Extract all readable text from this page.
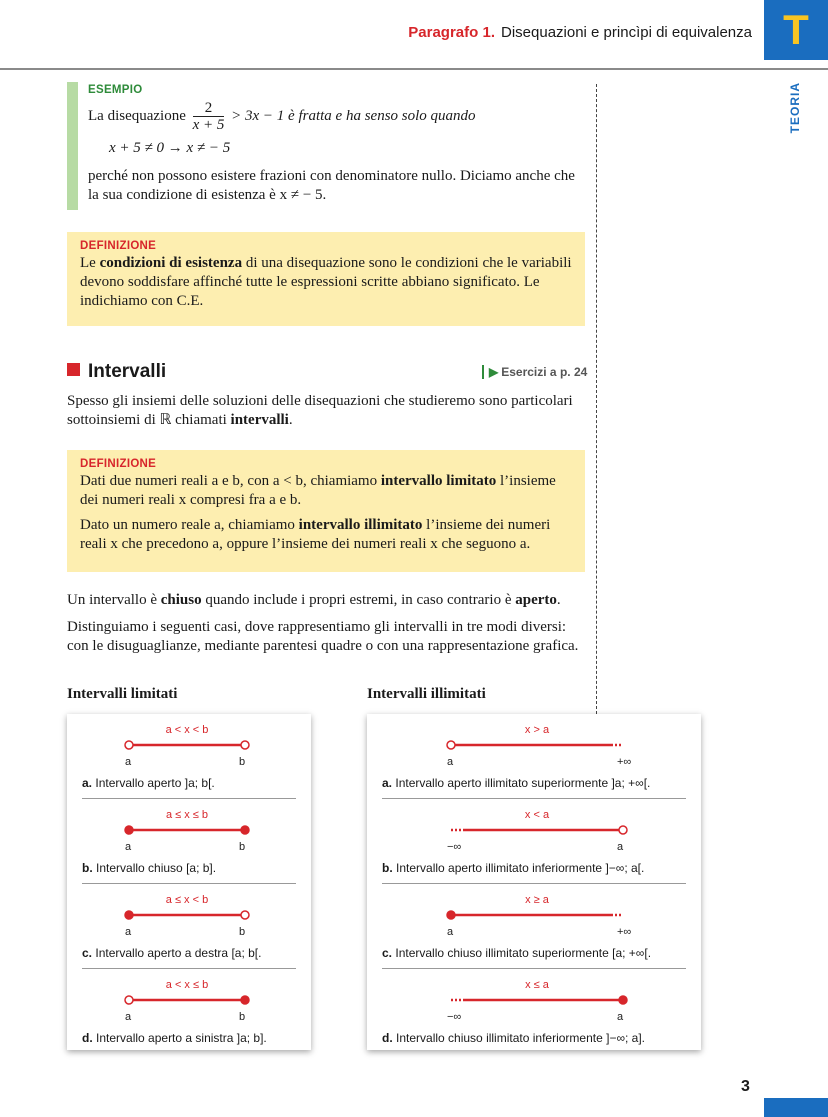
Paragrafo 1. Disequazioni e princìpi di equivalenza T
TEORIA
ESEMPIO
La disequazione $\frac{2}{x + 5} > 3x - 1$ è fratta e ha senso solo quando
x + 5 ≠ 0 → x ≠ − 5
perché non possono esistere frazioni con denominatore nullo. Diciamo anche che la sua condizione di esistenza è x ≠ − 5.
DEFINIZIONE
Le condizioni di esistenza di una disequazione sono le condizioni che le variabili devono soddisfare affinché tutte le espressioni scritte abbiano significato. Le indichiamo con C.E.
Intervalli	▶ Esercizi a p. 24
Spesso gli insiemi delle soluzioni delle disequazioni che studieremo sono particolari sottoinsiemi di ℝ chiamati intervalli.
DEFINIZIONE
Dati due numeri reali a e b, con a < b, chiamiamo intervallo limitato l’insieme dei numeri reali x compresi fra a e b.
Dato un numero reale a, chiamiamo intervallo illimitato l’insieme dei numeri reali x che precedono a, oppure l’insieme dei numeri reali x che seguono a.
Un intervallo è chiuso quando include i propri estremi, in caso contrario è aperto.
Distinguiamo i seguenti casi, dove rappresentiamo gli intervalli in tre modi diversi: con le disuguaglianze, mediante parentesi quadre o con una rappresentazione grafica.
Intervalli limitati	Intervalli illimitati
a < x < b
a	b
a. Intervallo aperto ]a; b[.
a ≤ x ≤ b
a	b
b. Intervallo chiuso [a; b].
a ≤ x < b
a	b
c. Intervallo aperto a destra [a; b[.
a < x ≤ b
a	b
d. Intervallo aperto a sinistra ]a; b].
x > a
a	+∞
a. Intervallo aperto illimitato superiormente ]a; +∞[.
x < a
−∞	a
b. Intervallo aperto illimitato inferiormente ]−∞; a[.
x ≥ a
a	+∞
c. Intervallo chiuso illimitato superiormente [a; +∞[.
x ≤ a
−∞	a
d. Intervallo chiuso illimitato inferiormente ]−∞; a].
3
